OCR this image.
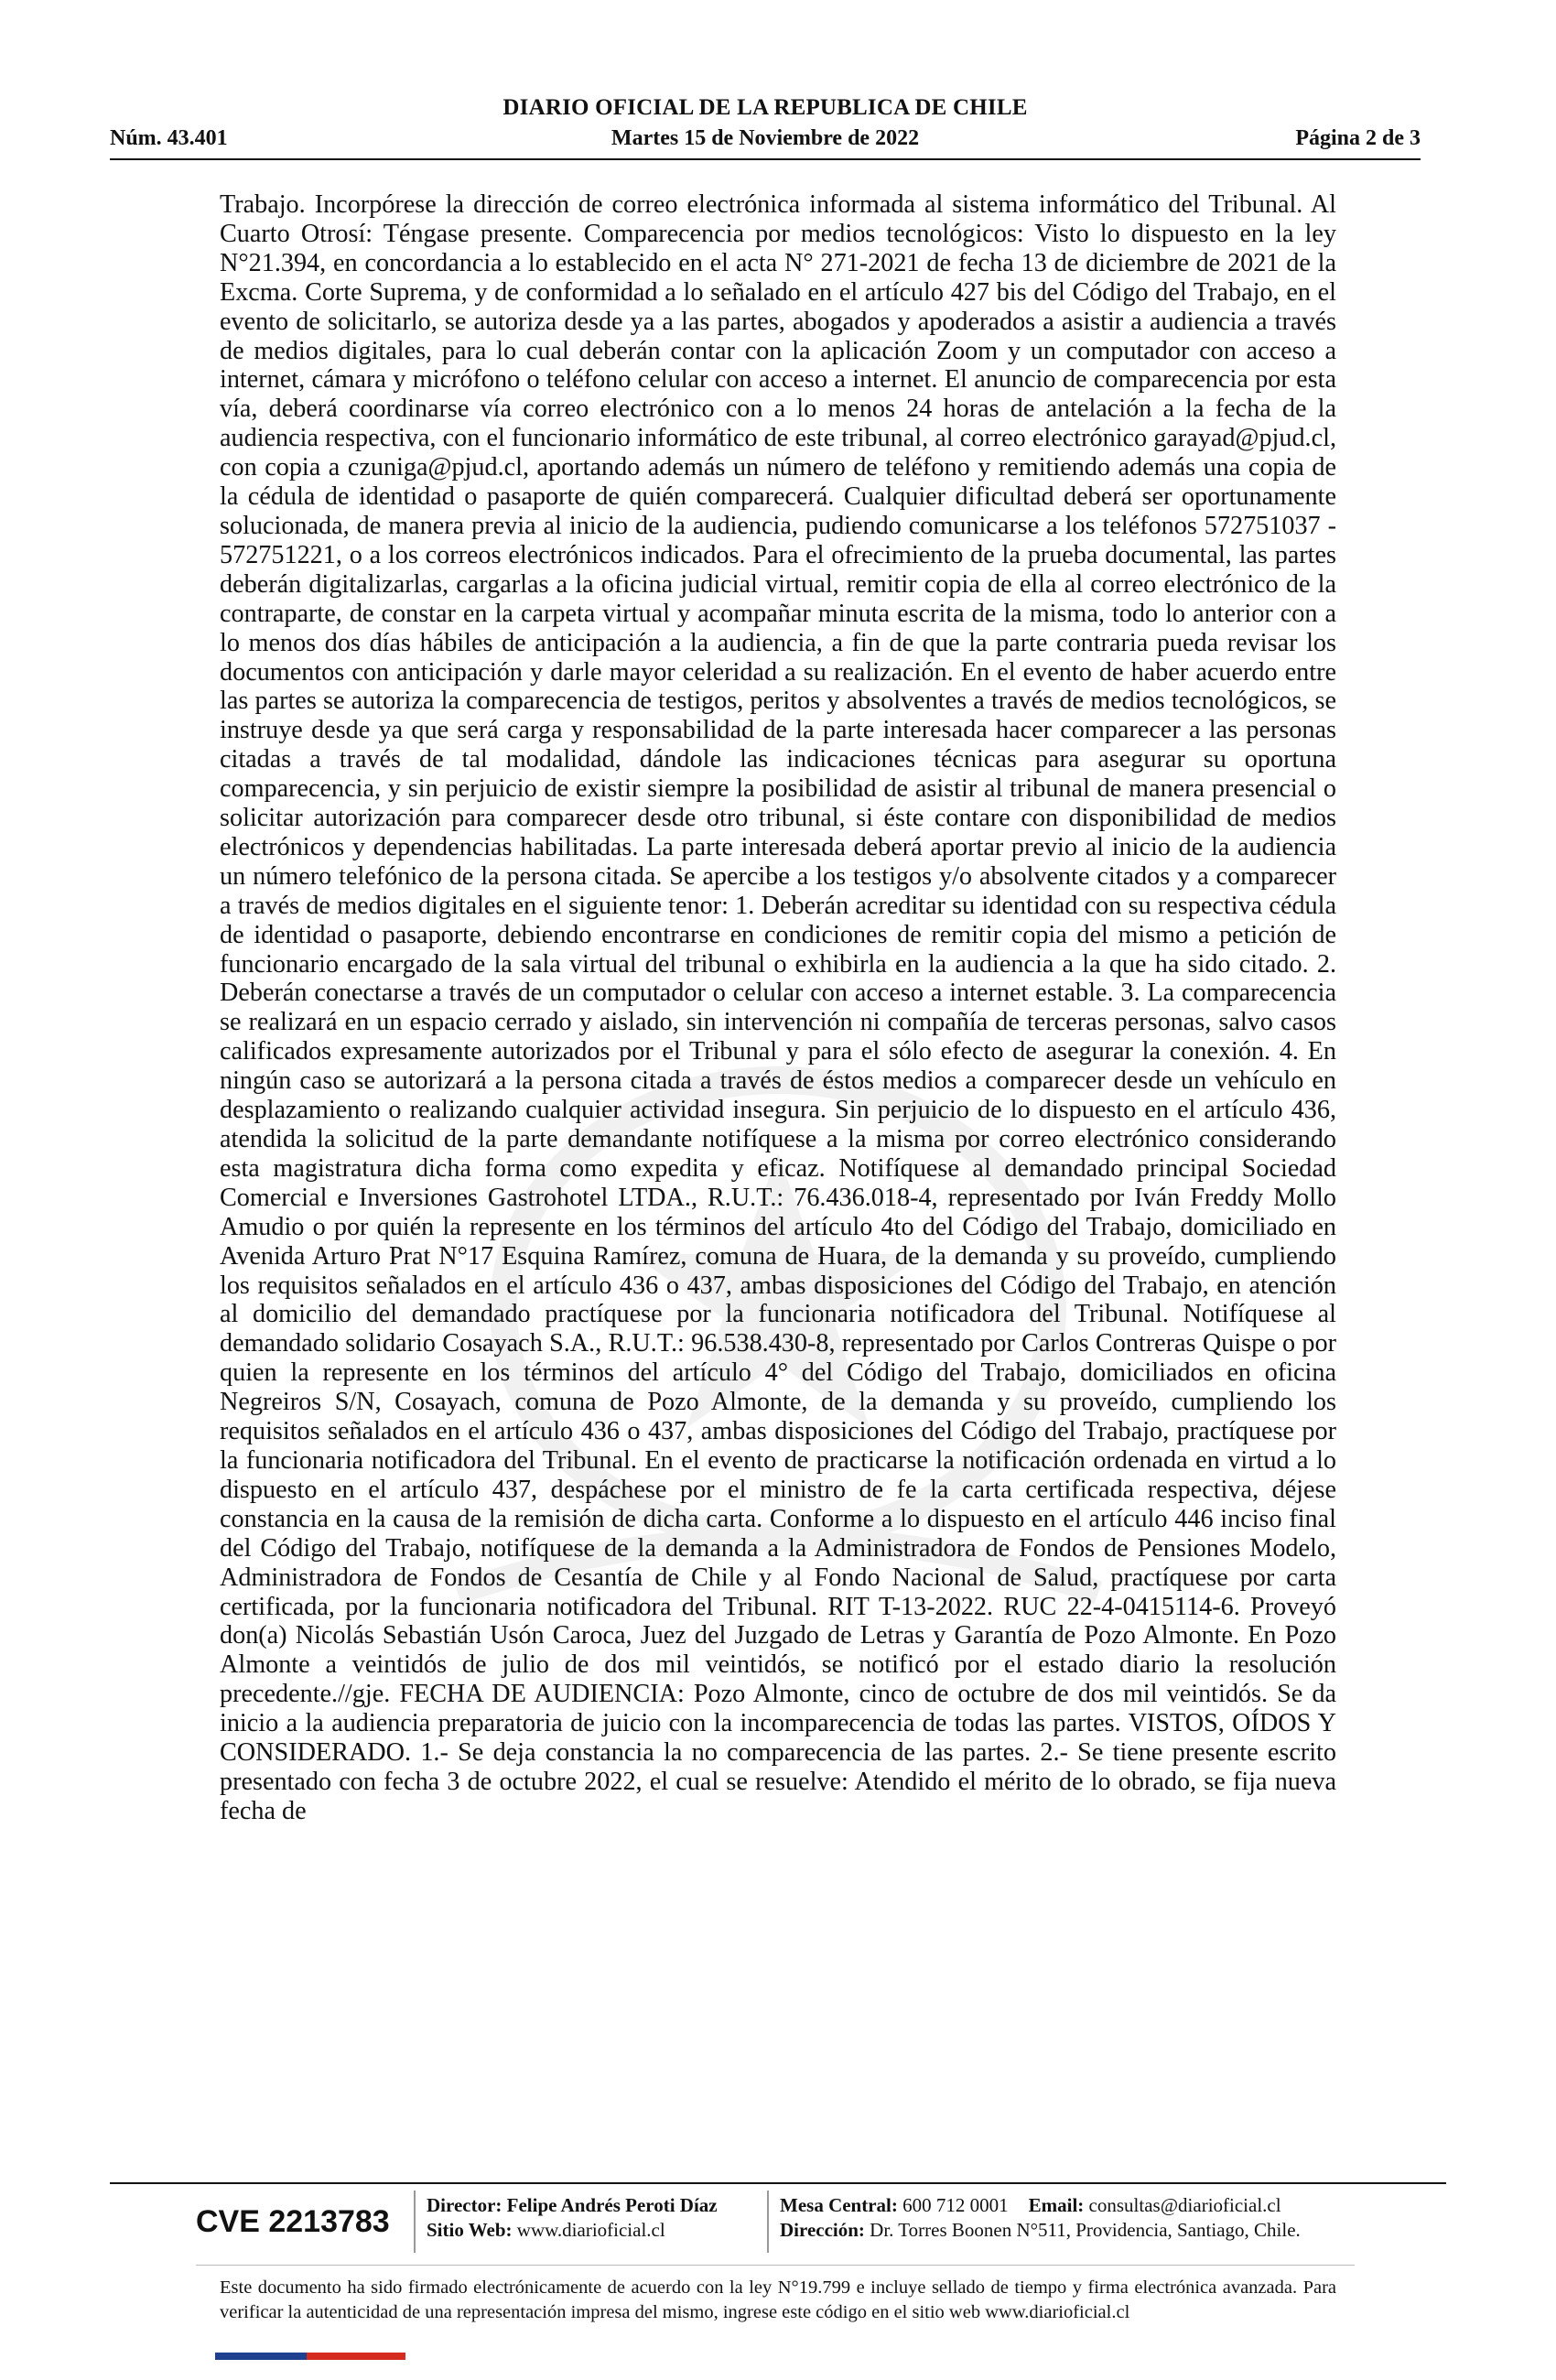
DIARIO OFICIAL DE LA REPUBLICA DE CHILE
Núm. 43.401	Martes 15 de Noviembre de 2022	Página 2 de 3
Trabajo. Incorpórese la dirección de correo electrónica informada al sistema informático del Tribunal. Al Cuarto Otrosí: Téngase presente. Comparecencia por medios tecnológicos: Visto lo dispuesto en la ley N°21.394, en concordancia a lo establecido en el acta N° 271-2021 de fecha 13 de diciembre de 2021 de la Excma. Corte Suprema, y de conformidad a lo señalado en el artículo 427 bis del Código del Trabajo, en el evento de solicitarlo, se autoriza desde ya a las partes, abogados y apoderados a asistir a audiencia a través de medios digitales, para lo cual deberán contar con la aplicación Zoom y un computador con acceso a internet, cámara y micrófono o teléfono celular con acceso a internet. El anuncio de comparecencia por esta vía, deberá coordinarse vía correo electrónico con a lo menos 24 horas de antelación a la fecha de la audiencia respectiva, con el funcionario informático de este tribunal, al correo electrónico garayad@pjud.cl, con copia a czuniga@pjud.cl, aportando además un número de teléfono y remitiendo además una copia de la cédula de identidad o pasaporte de quién comparecerá. Cualquier dificultad deberá ser oportunamente solucionada, de manera previa al inicio de la audiencia, pudiendo comunicarse a los teléfonos 572751037 - 572751221, o a los correos electrónicos indicados. Para el ofrecimiento de la prueba documental, las partes deberán digitalizarlas, cargarlas a la oficina judicial virtual, remitir copia de ella al correo electrónico de la contraparte, de constar en la carpeta virtual y acompañar minuta escrita de la misma, todo lo anterior con a lo menos dos días hábiles de anticipación a la audiencia, a fin de que la parte contraria pueda revisar los documentos con anticipación y darle mayor celeridad a su realización. En el evento de haber acuerdo entre las partes se autoriza la comparecencia de testigos, peritos y absolventes a través de medios tecnológicos, se instruye desde ya que será carga y responsabilidad de la parte interesada hacer comparecer a las personas citadas a través de tal modalidad, dándole las indicaciones técnicas para asegurar su oportuna comparecencia, y sin perjuicio de existir siempre la posibilidad de asistir al tribunal de manera presencial o solicitar autorización para comparecer desde otro tribunal, si éste contare con disponibilidad de medios electrónicos y dependencias habilitadas. La parte interesada deberá aportar previo al inicio de la audiencia un número telefónico de la persona citada. Se apercibe a los testigos y/o absolvente citados y a comparecer a través de medios digitales en el siguiente tenor: 1. Deberán acreditar su identidad con su respectiva cédula de identidad o pasaporte, debiendo encontrarse en condiciones de remitir copia del mismo a petición de funcionario encargado de la sala virtual del tribunal o exhibirla en la audiencia a la que ha sido citado. 2. Deberán conectarse a través de un computador o celular con acceso a internet estable. 3. La comparecencia se realizará en un espacio cerrado y aislado, sin intervención ni compañía de terceras personas, salvo casos calificados expresamente autorizados por el Tribunal y para el sólo efecto de asegurar la conexión. 4. En ningún caso se autorizará a la persona citada a través de éstos medios a comparecer desde un vehículo en desplazamiento o realizando cualquier actividad insegura. Sin perjuicio de lo dispuesto en el artículo 436, atendida la solicitud de la parte demandante notifíquese a la misma por correo electrónico considerando esta magistratura dicha forma como expedita y eficaz. Notifíquese al demandado principal Sociedad Comercial e Inversiones Gastrohotel LTDA., R.U.T.: 76.436.018-4, representado por Iván Freddy Mollo Amudio o por quién la represente en los términos del artículo 4to del Código del Trabajo, domiciliado en Avenida Arturo Prat N°17 Esquina Ramírez, comuna de Huara, de la demanda y su proveído, cumpliendo los requisitos señalados en el artículo 436 o 437, ambas disposiciones del Código del Trabajo, en atención al domicilio del demandado practíquese por la funcionaria notificadora del Tribunal. Notifíquese al demandado solidario Cosayach S.A., R.U.T.: 96.538.430-8, representado por Carlos Contreras Quispe o por quien la represente en los términos del artículo 4° del Código del Trabajo, domiciliados en oficina Negreiros S/N, Cosayach, comuna de Pozo Almonte, de la demanda y su proveído, cumpliendo los requisitos señalados en el artículo 436 o 437, ambas disposiciones del Código del Trabajo, practíquese por la funcionaria notificadora del Tribunal. En el evento de practicarse la notificación ordenada en virtud a lo dispuesto en el artículo 437, despáchese por el ministro de fe la carta certificada respectiva, déjese constancia en la causa de la remisión de dicha carta. Conforme a lo dispuesto en el artículo 446 inciso final del Código del Trabajo, notifíquese de la demanda a la Administradora de Fondos de Pensiones Modelo, Administradora de Fondos de Cesantía de Chile y al Fondo Nacional de Salud, practíquese por carta certificada, por la funcionaria notificadora del Tribunal. RIT T-13-2022. RUC 22-4-0415114-6. Proveyó don(a) Nicolás Sebastián Usón Caroca, Juez del Juzgado de Letras y Garantía de Pozo Almonte. En Pozo Almonte a veintidós de julio de dos mil veintidós, se notificó por el estado diario la resolución precedente.//gje. FECHA DE AUDIENCIA: Pozo Almonte, cinco de octubre de dos mil veintidós. Se da inicio a la audiencia preparatoria de juicio con la incomparecencia de todas las partes. VISTOS, OÍDOS Y CONSIDERADO. 1.- Se deja constancia la no comparecencia de las partes. 2.- Se tiene presente escrito presentado con fecha 3 de octubre 2022, el cual se resuelve: Atendido el mérito de lo obrado, se fija nueva fecha de
CVE 2213783 Director: Felipe Andrés Peroti Díaz
Sitio Web: www.diarioficial.cl
Mesa Central: 600 712 0001 Email: consultas@diarioficial.cl
Dirección: Dr. Torres Boonen N°511, Providencia, Santiago, Chile.
Este documento ha sido firmado electrónicamente de acuerdo con la ley N°19.799 e incluye sellado de tiempo y firma electrónica avanzada. Para verificar la autenticidad de una representación impresa del mismo, ingrese este código en el sitio web www.diarioficial.cl
